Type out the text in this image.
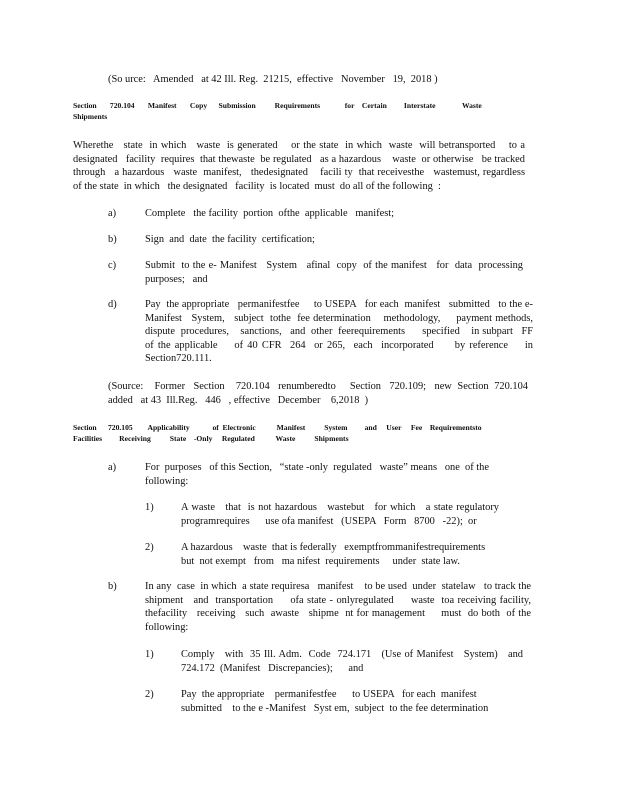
(So urce:   Amended   at 42 Ill. Reg.  21215,  effective   November   19,  2018 )

Section       720.104       Manifest       Copy      Submission          Requirements             for    Certain         Interstate              Waste

Shipments

Wherethe   state  in which   waste  is generated    or the state  in which  waste  will betransported    to a designated   facility  requires  that thewaste  be regulated   as a hazardous    waste  or otherwise   be tracked  through   a hazardous   waste  manifest,   thedesignated    facili ty  that receivesthe   wastemust, regardless   of the state  in which   the designated   facility  is located  must  do all of the following  :

a)	Complete   the facility  portion  ofthe  applicable   manifest;

b)	Sign  and  date  the facility  certification;

c)	Submit  to the e- Manifest   System   afinal  copy  of the manifest   for  data  processing purposes;   and

d)	Pay  the appropriate   permanifestfee     to USEPA   for each  manifest   submitted   to the e-Manifest   System,   subject  tothe  fee determination    methodology,     payment methods,  dispute  procedures,    sanctions,   and  other  feerequirements      specified    in subpart   FF of the applicable    of 40 CFR  264  or 265,  each  incorporated     by reference    in Section720.111.

(Source:    Former   Section    720.104   renumberedto     Section   720.109;   new  Section  720.104 added   at 43  Ill.Reg.   446   , effective   December    6,2018  )

Section      720.105        Applicability            of  Electronic           Manifest          System         and     User     Fee    Requirementsto

Facilities         Receiving          State    -Only     Regulated           Waste          Shipments

a)	For  purposes   of this Section,   “state -only  regulated   waste” means   one  of the following:

1)	A waste   that  is not hazardous   wastebut   for which   a state regulatory programrequires      use ofa manifest   (USEPA   Form   8700   -22);  or

2)	A hazardous    waste  that is federally   exemptfrommanifestrequirements but  not exempt   from   ma nifest  requirements     under  state law.

b)	In any  case  in which  a state requiresa   manifest    to be used  under  statelaw   to track the shipment   and  transportation     ofa state - onlyregulated     waste  toa receiving facility,  thefacility   receiving   such  awaste   shipme  nt for management     must  do both  of the following:

1)	Comply   with  35 Ill. Adm.  Code  724.171   (Use of Manifest   System)   and 724.172  (Manifest   Discrepancies);      and

2)	Pay  the appropriate    permanifestfee      to USEPA   for each  manifest submitted    to the e -Manifest   Syst em,  subject  to the fee determination
